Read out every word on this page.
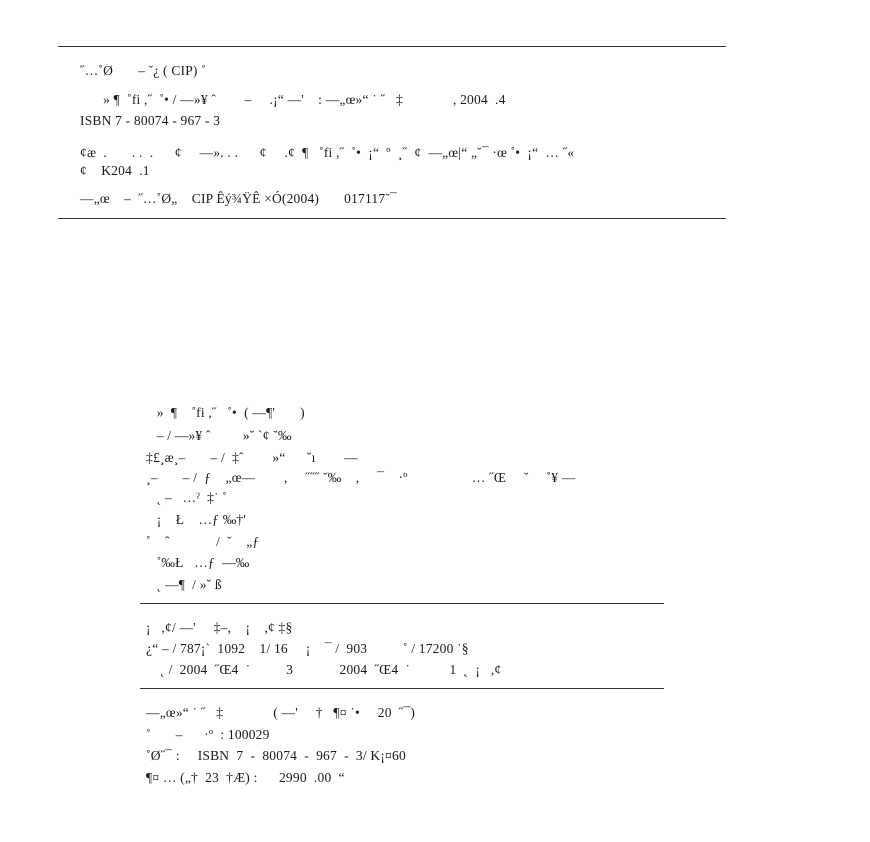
˝…˚Ø       – ˇ¿ ( CIP) ˚
» ¶  ˚fi ,˝  ˚• / —»¥ ˆ        –     .¡“ —'    : —„œ»“ ˙ ˝   ‡              , 2004  .4
ISBN 7 - 80074 - 967 - 3
¢æ  .       . .  .      ¢     —». . .      ¢     .¢  ¶   ˚fi ,˝  ˚•  ¡“  º  ¸˝  ¢  —„œ|“ „˘¯ ·œ ˚•  ¡“  … ˝«
¢    K204  .1
—„œ    –  ˝…˚Ø„    CIP Êý¾ŸÊ ×Ó(2004)       017117˘¯
»  ¶    ˚fi ,˝   ˚•  ( —¶'       )
– / —»¥ ˆ         »˘ `¢ ˘‰
‡£¸æ¸–       – /  ‡ˆ        »“      ˘ı        —
¸–       – /  ƒ    „œ—        ,     ˝˝˝ ˘‰    ,     ¯    ·º                  … ˝Œ     ˘     ˚¥ —
˛ –   …ˀ  ‡˙ ˚
¡    Ł    …ƒ ‰†'
˚    ˆ             /  ˘    „ƒ
˚‰Ł   …ƒ  —‰
˛ —¶  / »˘ ß
¡   ,¢/ —'     ‡–,    ¡    ,¢ ‡§
¿“ – / 787¡`  1092    1/ 16     ¡    ¯ /  903          ˚ / 17200 ˙§
˛ /  2004  ˝Œ4  ˙          3             2004  ˝Œ4  ˙           1  ˛  ¡   ,¢
—„œ»“ ˙ ˝   ‡              ( —'     †   ¶¤ ˙•     20  ˝¯)
˚       –      ·º  : 100029
˚Ø˝¯ :     ISBN  7  -  80074  -  967  -  3/ K¡¤60
¶¤ … („†  23  †Æ) :      2990  .00  “
